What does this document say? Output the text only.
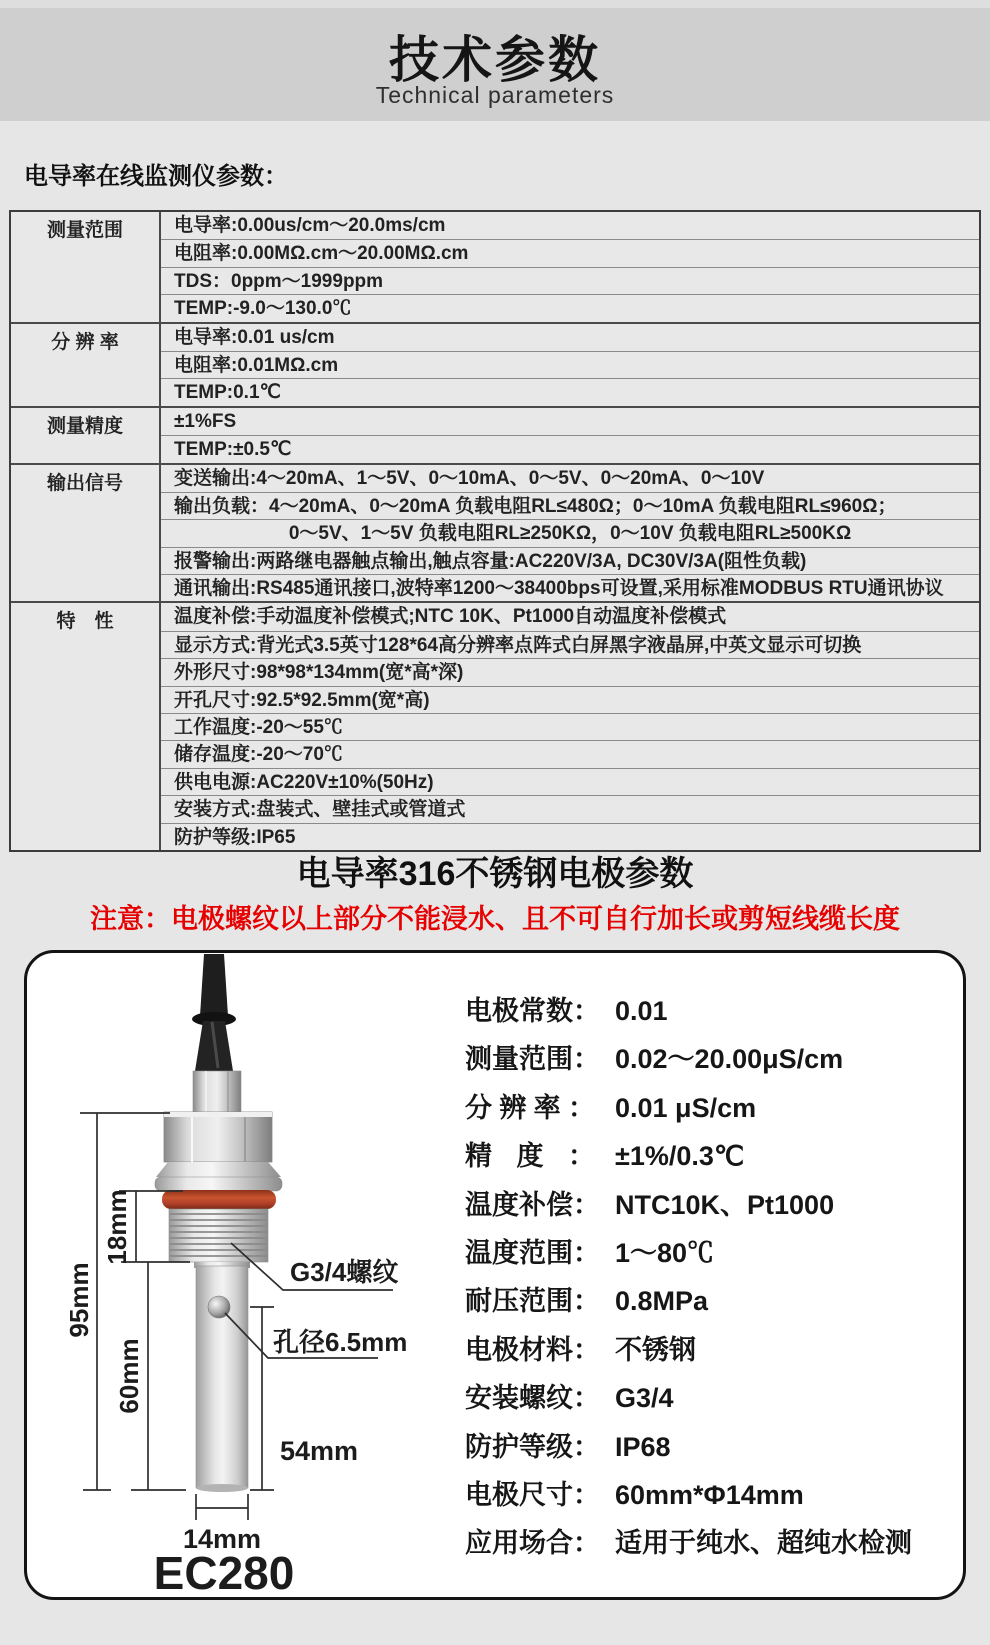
技术参数
Technical parameters
电导率在线监测仪参数：
测量范围	电导率:0.00us/cm～20.0ms/cm
电阻率:0.00MΩ.cm～20.00MΩ.cm
TDS：0ppm～1999ppm
TEMP:-9.0～130.0℃
分 辨 率	电导率:0.01 us/cm
电阻率:0.01MΩ.cm
TEMP:0.1℃
测量精度	±1%FS
TEMP:±0.5℃
输出信号	变送输出:4～20mA、1～5V、0～10mA、0～5V、0～20mA、0～10V
输出负载：4～20mA、0～20mA 负载电阻RL≤480Ω；0～10mA 负载电阻RL≤960Ω；
0～5V、1～5V 负载电阻RL≥250KΩ，0～10V 负载电阻RL≥500KΩ
报警输出:两路继电器触点输出,触点容量:AC220V/3A, DC30V/3A(阻性负载)
通讯输出:RS485通讯接口,波特率1200～38400bps可设置,采用标准MODBUS RTU通讯协议
特　性	温度补偿:手动温度补偿模式;NTC 10K、Pt1000自动温度补偿模式
显示方式:背光式3.5英寸128*64高分辨率点阵式白屏黑字液晶屏,中英文显示可切换
外形尺寸:98*98*134mm(宽*高*深)
开孔尺寸:92.5*92.5mm(宽*高)
工作温度:-20～55℃
储存温度:-20～70℃
供电电源:AC220V±10%(50Hz)
安装方式:盘装式、壁挂式或管道式
防护等级:IP65
电导率316不锈钢电极参数
注意：电极螺纹以上部分不能浸水、且不可自行加长或剪短线缆长度
95mm
18mm
60mm
54mm
14mm
G3/4螺纹
孔径6.5mm
EC280
电极常数： 0.01
测量范围： 0.02～20.00μS/cm
分辨率： 0.01 μS/cm
精度： ±1%/0.3℃
温度补偿： NTC10K、Pt1000
温度范围： 1～80℃
耐压范围： 0.8MPa
电极材料： 不锈钢
安装螺纹： G3/4
防护等级： IP68
电极尺寸： 60mm*Φ14mm
应用场合： 适用于纯水、超纯水检测
